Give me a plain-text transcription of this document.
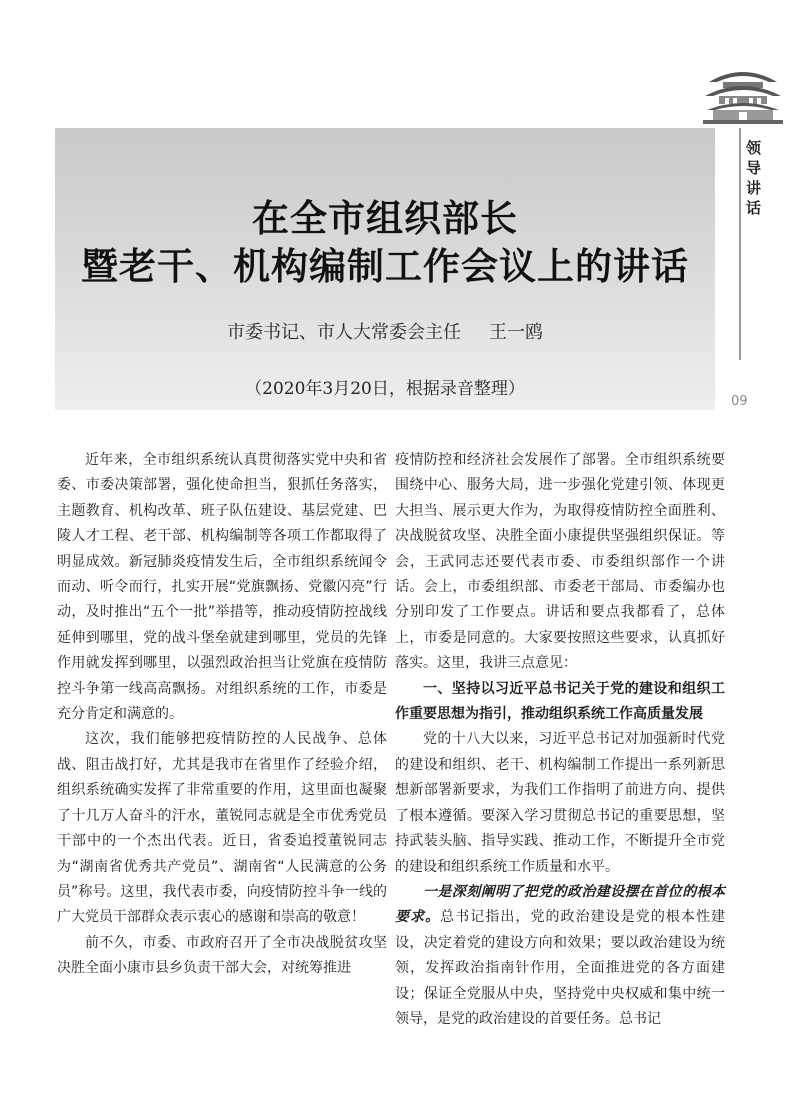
在全市组织部长
暨老干、机构编制工作会议上的讲话
市委书记、市人大常委会主任 王一鸥
（2020年3月20日，根据录音整理）
领导讲话
09

近年来，全市组织系统认真贯彻落实党中央和省委、市委决策部署，强化使命担当，狠抓任务落实，主题教育、机构改革、班子队伍建设、基层党建、巴陵人才工程、老干部、机构编制等各项工作都取得了明显成效。新冠肺炎疫情发生后，全市组织系统闻令而动、听令而行，扎实开展“党旗飘扬、党徽闪亮”行动，及时推出“五个一批”举措等，推动疫情防控战线延伸到哪里，党的战斗堡垒就建到哪里，党员的先锋作用就发挥到哪里，以强烈政治担当让党旗在疫情防控斗争第一线高高飘扬。对组织系统的工作，市委是充分肯定和满意的。

这次，我们能够把疫情防控的人民战争、总体战、阻击战打好，尤其是我市在省里作了经验介绍，组织系统确实发挥了非常重要的作用，这里面也凝聚了十几万人奋斗的汗水，董锐同志就是全市优秀党员干部中的一个杰出代表。近日，省委追授董锐同志为“湖南省优秀共产党员”、湖南省“人民满意的公务员”称号。这里，我代表市委，向疫情防控斗争一线的广大党员干部群众表示衷心的感谢和崇高的敬意！

前不久，市委、市政府召开了全市决战脱贫攻坚决胜全面小康市县乡负责干部大会，对统筹推进

疫情防控和经济社会发展作了部署。全市组织系统要围绕中心、服务大局，进一步强化党建引领、体现更大担当、展示更大作为，为取得疫情防控全面胜利、决战脱贫攻坚、决胜全面小康提供坚强组织保证。等会，王武同志还要代表市委、市委组织部作一个讲话。会上，市委组织部、市委老干部局、市委编办也分别印发了工作要点。讲话和要点我都看了，总体上，市委是同意的。大家要按照这些要求，认真抓好落实。这里，我讲三点意见：

一、坚持以习近平总书记关于党的建设和组织工作重要思想为指引，推动组织系统工作高质量发展

党的十八大以来，习近平总书记对加强新时代党的建设和组织、老干、机构编制工作提出一系列新思想新部署新要求，为我们工作指明了前进方向、提供了根本遵循。要深入学习贯彻总书记的重要思想，坚持武装头脑、指导实践、推动工作，不断提升全市党的建设和组织系统工作质量和水平。

一是深刻阐明了把党的政治建设摆在首位的根本要求。总书记指出，党的政治建设是党的根本性建设，决定着党的建设方向和效果；要以政治建设为统领，发挥政治指南针作用，全面推进党的各方面建设；保证全党服从中央，坚持党中央权威和集中统一领导，是党的政治建设的首要任务。总书记
